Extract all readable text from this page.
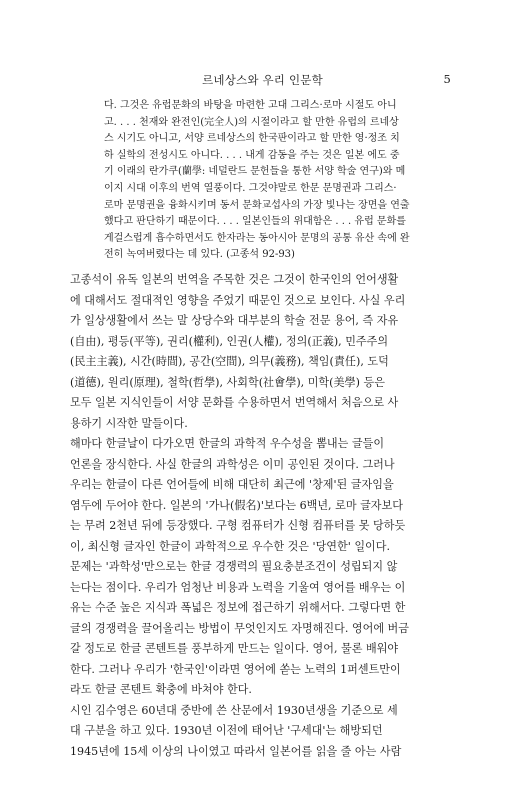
르네상스와 우리 인문학	5
다. 그것은 유럽문화의 바탕을 마련한 고대 그리스·로마 시절도 아니
고. . . . 천재와 완전인(完全人)의 시절이라고 할 만한 유럽의 르네상
스 시기도 아니고, 서양 르네상스의 한국판이라고 할 만한 영·정조 치
하 실학의 전성시도 아니다. . . . 내게 감동을 주는 것은 일본 에도 중
기 이래의 란가쿠(蘭學: 네덜란드 문헌들을 통한 서양 학술 연구)와 메
이지 시대 이후의 번역 열풍이다. 그것야말로 한문 문명권과 그리스·
로마 문명권을 융화시키며 동서 문화교섭사의 가장 빛나는 장면을 연출
했다고 판단하기 때문이다. . . . 일본인들의 위대함은 . . . 유럽 문화를
게걸스럽게 흡수하면서도 한자라는 동아시아 문명의 공통 유산 속에 완
전히 녹여버렸다는 데 있다. (고종석 92-93)
고종석이 유독 일본의 번역을 주목한 것은 그것이 한국인의 언어생활
에 대해서도 절대적인 영향을 주었기 때문인 것으로 보인다. 사실 우리
가 일상생활에서 쓰는 말 상당수와 대부분의 학술 전문 용어, 즉 자유
(自由), 평등(平等), 권리(權利), 인권(人權), 정의(正義), 민주주의
(民主主義), 시간(時間), 공간(空間), 의무(義務), 책임(責任), 도덕
(道德), 원리(原理), 철학(哲學), 사회학(社會學), 미학(美學) 등은
모두 일본 지식인들이 서양 문화를 수용하면서 번역해서 처음으로 사
용하기 시작한 말들이다.
해마다 한글날이 다가오면 한글의 과학적 우수성을 뽐내는 글들이
언론을 장식한다. 사실 한글의 과학성은 이미 공인된 것이다. 그러나
우리는 한글이 다른 언어들에 비해 대단히 최근에 '창제'된 글자임을
염두에 두어야 한다. 일본의 '가나(假名)'보다는 6백년, 로마 글자보다
는 무려 2천년 뒤에 등장했다. 구형 컴퓨터가 신형 컴퓨터를 못 당하듯
이, 최신형 글자인 한글이 과학적으로 우수한 것은 '당연한' 일이다.
문제는 '과학성'만으로는 한글 경쟁력의 필요충분조건이 성립되지 않
는다는 점이다. 우리가 엄청난 비용과 노력을 기울여 영어를 배우는 이
유는 수준 높은 지식과 폭넓은 정보에 접근하기 위해서다. 그렇다면 한
글의 경쟁력을 끌어올리는 방법이 무엇인지도 자명해진다. 영어에 버금
갈 정도로 한글 콘텐트를 풍부하게 만드는 일이다. 영어, 물론 배워야
한다. 그러나 우리가 '한국인'이라면 영어에 쏟는 노력의 1퍼센트만이
라도 한글 콘텐트 확충에 바쳐야 한다.
시인 김수영은 60년대 중반에 쓴 산문에서 1930년생을 기준으로 세
대 구분을 하고 있다. 1930년 이전에 태어난 '구세대'는 해방되던
1945년에 15세 이상의 나이였고 따라서 일본어를 읽을 줄 아는 사람
